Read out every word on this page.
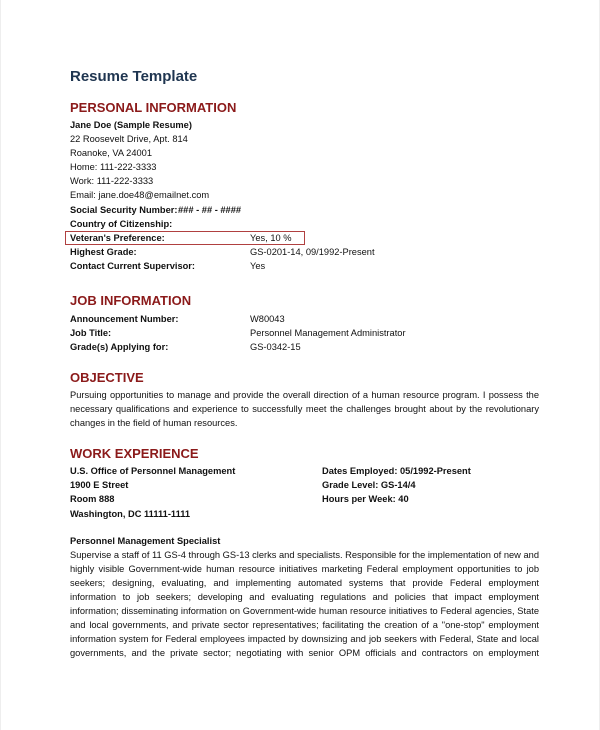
Resume Template
PERSONAL INFORMATION
Jane Doe (Sample Resume)
22 Roosevelt Drive, Apt. 814
Roanoke, VA 24001
Home: 111-222-3333
Work: 111-222-3333
Email: jane.doe48@emailnet.com
Social Security Number: ### - ## - ####
Country of Citizenship:
Veteran's Preference:	Yes, 10 %
Highest Grade:	GS-0201-14, 09/1992-Present
Contact Current Supervisor:	Yes
JOB INFORMATION
Announcement Number:	W80043
Job Title:	Personnel Management Administrator
Grade(s) Applying for:	GS-0342-15
OBJECTIVE
Pursuing opportunities to manage and provide the overall direction of a human resource program. I possess the
necessary qualifications and experience to successfully meet the challenges brought about by the revolutionary
changes in the field of human resources.
WORK EXPERIENCE
U.S. Office of Personnel Management
1900 E Street
Room 888
Washington, DC 11111-1111
Dates Employed: 05/1992-Present
Grade Level: GS-14/4
Hours per Week: 40
Personnel Management Specialist
Supervise a staff of 11 GS-4 through GS-13 clerks and specialists. Responsible for the implementation of new and
highly visible Government-wide human resource initiatives marketing Federal employment opportunities to job
seekers; designing, evaluating, and implementing automated systems that provide Federal employment
information to job seekers; developing and evaluating regulations and policies that impact employment
information; disseminating information on Government-wide human resource initiatives to Federal agencies, State
and local governments, and private sector representatives; facilitating the creation of a "one-stop" employment
information system for Federal employees impacted by downsizing and job seekers with Federal, State and local
governments, and the private sector; negotiating with senior OPM officials and contractors on employment
